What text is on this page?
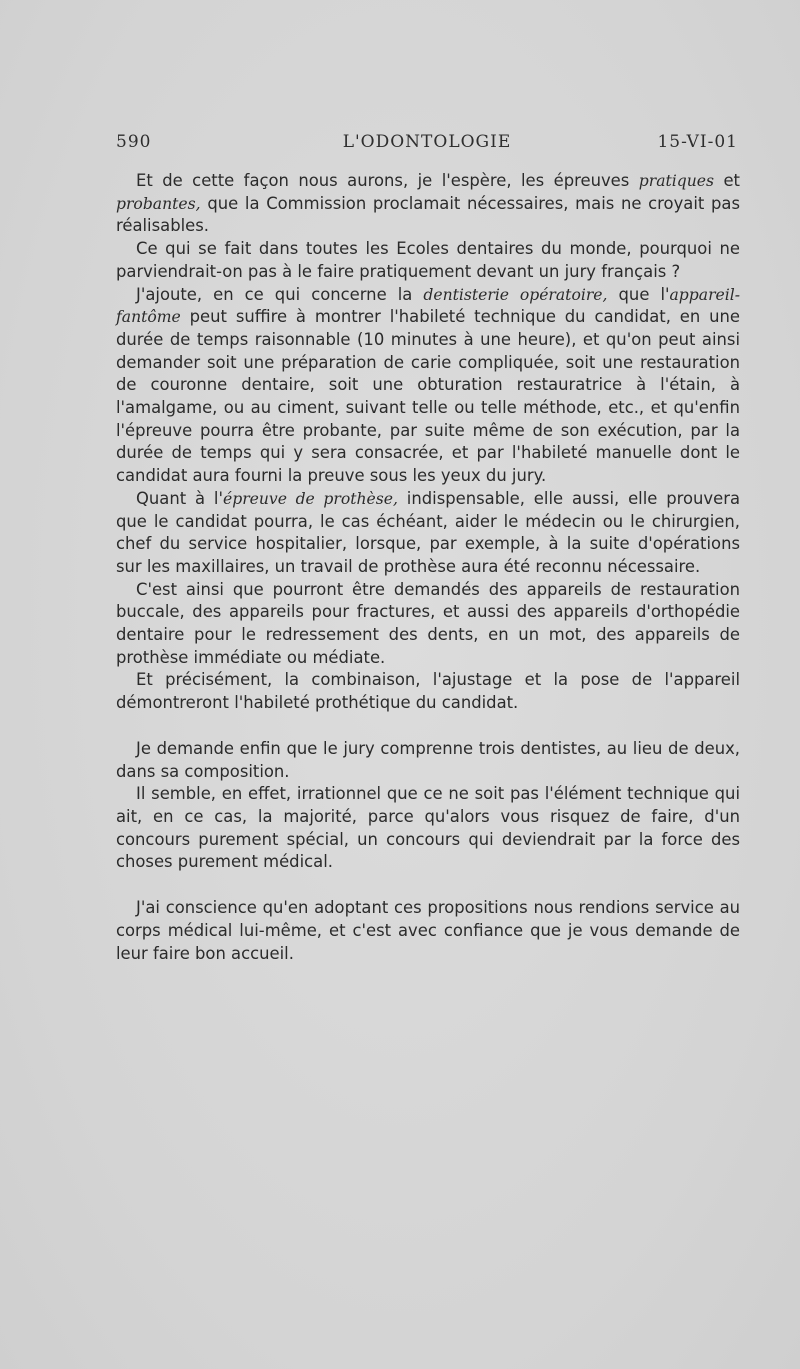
L'ODONTOLOGIE
590	15-VI-01

Et de cette façon nous aurons, je l'espère, les épreuves pratiques et probantes, que la Commission proclamait nécessaires, mais ne croyait pas réalisables.

Ce qui se fait dans toutes les Ecoles dentaires du monde, pourquoi ne parviendrait-on pas à le faire pratiquement devant un jury français ?

J'ajoute, en ce qui concerne la dentisterie opératoire, que l'appareil-fantôme peut suffire à montrer l'habileté technique du candidat, en une durée de temps raisonnable (10 minutes à une heure), et qu'on peut ainsi demander soit une préparation de carie compliquée, soit une restauration de couronne dentaire, soit une obturation restauratrice à l'étain, à l'amalgame, ou au ciment, suivant telle ou telle méthode, etc., et qu'enfin l'épreuve pourra être probante, par suite même de son exécution, par la durée de temps qui y sera consacrée, et par l'habileté manuelle dont le candidat aura fourni la preuve sous les yeux du jury.

Quant à l'épreuve de prothèse, indispensable, elle aussi, elle prouvera que le candidat pourra, le cas échéant, aider le médecin ou le chirurgien, chef du service hospitalier, lorsque, par exemple, à la suite d'opérations sur les maxillaires, un travail de prothèse aura été reconnu nécessaire.

C'est ainsi que pourront être demandés des appareils de restauration buccale, des appareils pour fractures, et aussi des appareils d'orthopédie dentaire pour le redressement des dents, en un mot, des appareils de prothèse immédiate ou médiate.

Et précisément, la combinaison, l'ajustage et la pose de l'appareil démontreront l'habileté prothétique du candidat.

Je demande enfin que le jury comprenne trois dentistes, au lieu de deux, dans sa composition.

Il semble, en effet, irrationnel que ce ne soit pas l'élément technique qui ait, en ce cas, la majorité, parce qu'alors vous risquez de faire, d'un concours purement spécial, un concours qui deviendrait par la force des choses purement médical.

J'ai conscience qu'en adoptant ces propositions nous rendions service au corps médical lui-même, et c'est avec confiance que je vous demande de leur faire bon accueil.
